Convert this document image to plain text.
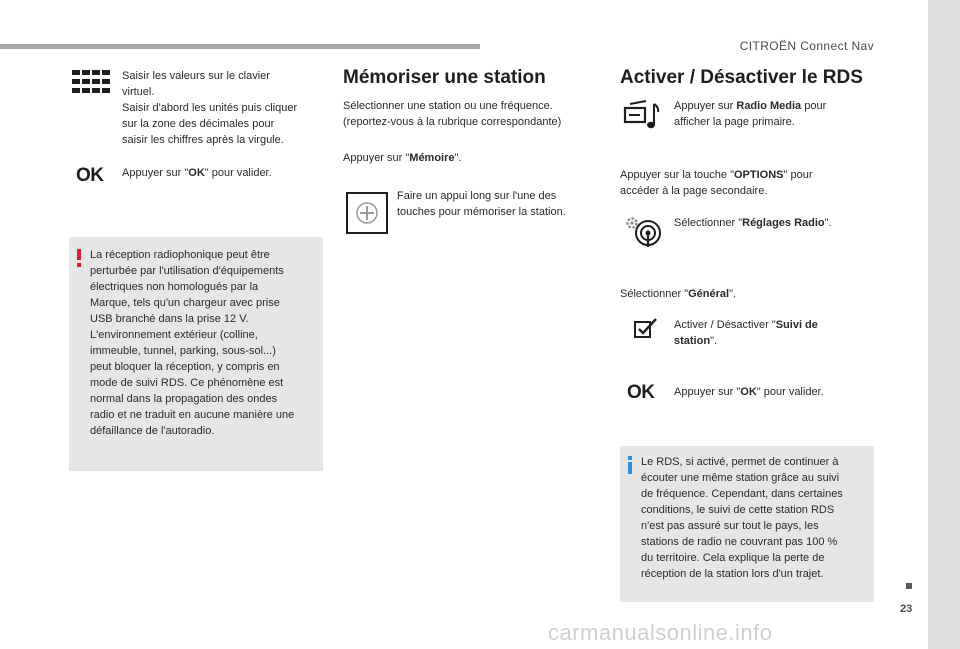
CITROËN Connect Nav
23
carmanualsonline.info
Saisir les valeurs sur le clavier
virtuel.
Saisir d'abord les unités puis cliquer
sur la zone des décimales pour
saisir les chiffres après la virgule.
OK Appuyer sur "OK" pour valider.
La réception radiophonique peut être
perturbée par l'utilisation d'équipements
électriques non homologués par la
Marque, tels qu'un chargeur avec prise
USB branché dans la prise 12 V.
L'environnement extérieur (colline,
immeuble, tunnel, parking, sous-sol...)
peut bloquer la réception, y compris en
mode de suivi RDS. Ce phénomène est
normal dans la propagation des ondes
radio et ne traduit en aucune manière une
défaillance de l'autoradio.
Mémoriser une station
Sélectionner une station ou une fréquence.
(reportez-vous à la rubrique correspondante)
Appuyer sur "Mémoire".
Faire un appui long sur l'une des
touches pour mémoriser la station.
Activer / Désactiver le RDS
Appuyer sur Radio Media pour
afficher la page primaire.
Appuyer sur la touche "OPTIONS" pour
accéder à la page secondaire.
Sélectionner "Réglages Radio".
Sélectionner "Général".
Activer / Désactiver "Suivi de
station".
OK Appuyer sur "OK" pour valider.
Le RDS, si activé, permet de continuer à
écouter une même station grâce au suivi
de fréquence. Cependant, dans certaines
conditions, le suivi de cette station RDS
n'est pas assuré sur tout le pays, les
stations de radio ne couvrant pas 100 %
du territoire. Cela explique la perte de
réception de la station lors d'un trajet.
